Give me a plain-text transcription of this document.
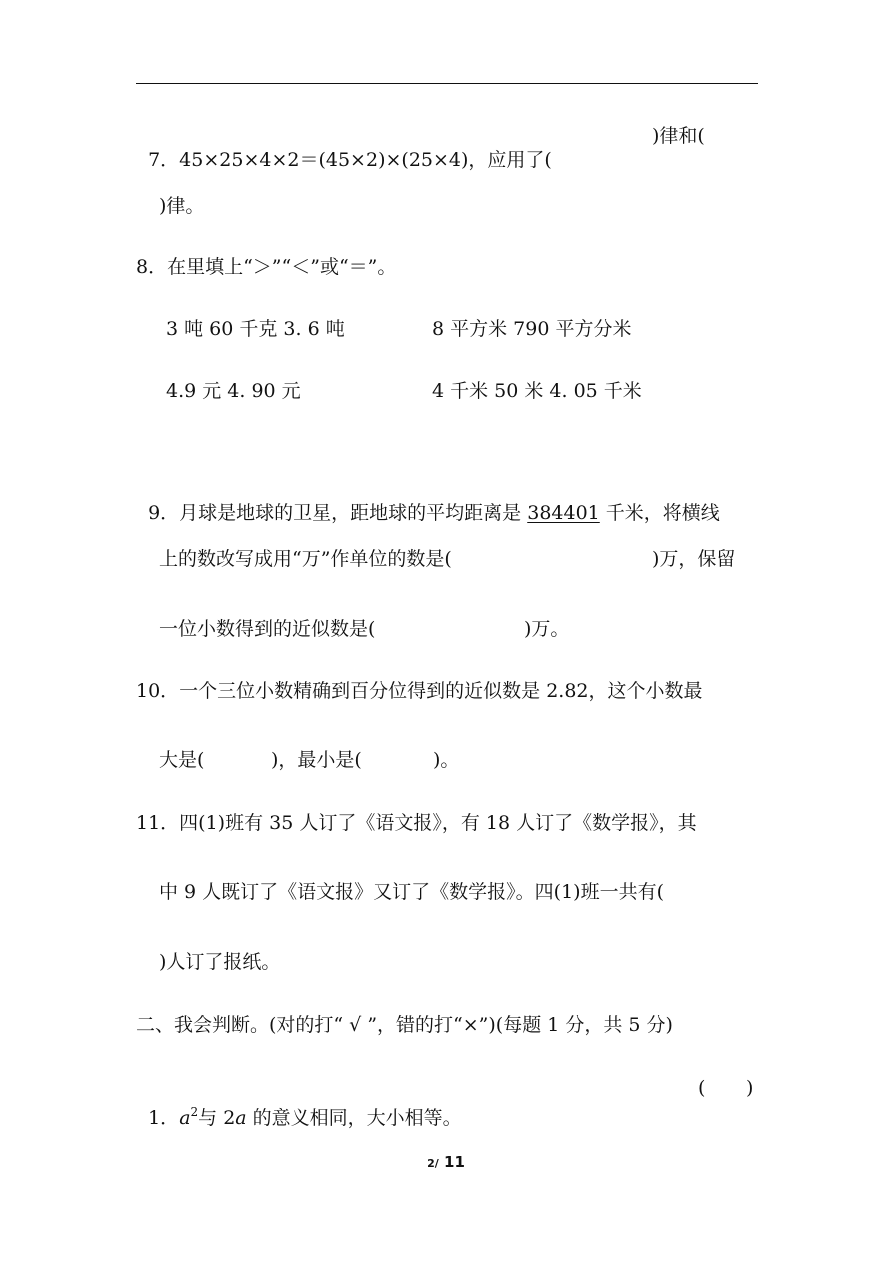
7．45×25×4×2＝(45×2)×(25×4)，应用了(

)律和(
)律。
8．在里填上“＞”“＜”或“＝”。
3 吨 60 千克 3. 6 吨	8 平方米 790 平方分米
4.9 元 4. 90 元	4 千米 50 米 4. 05 千米

9．月球是地球的卫星，距地球的平均距离是 384401 千米，将横线

上的数改写成用“万”作单位的数是(	)万，保留
一位小数得到的近似数是(	)万。
10．一个三位小数精确到百分位得到的近似数是 2.82，这个小数最
大是(	)，最小是(	)。
11．四(1)班有 35 人订了《语文报》，有 18 人订了《数学报》，其
中 9 人既订了《语文报》又订了《数学报》。四(1)班一共有(
)人订了报纸。
二、我会判断。(对的打“ √ ”，错的打“×”)(每题 1 分，共 5 分)

1．$a^2$与 2a 的意义相同，大小相等。

( )
2/ 11
